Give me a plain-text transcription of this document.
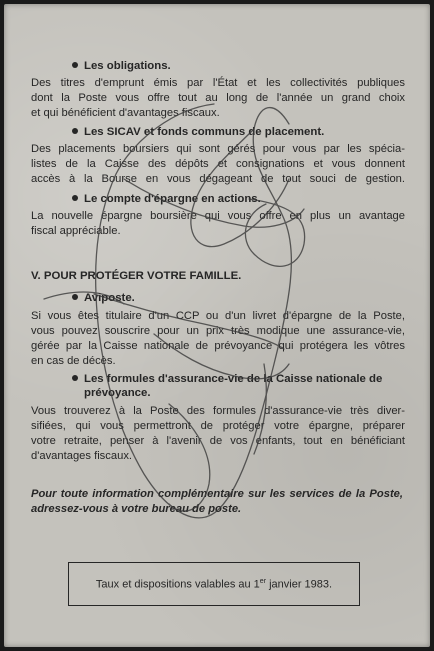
Les obligations.
Des titres d'emprunt émis par l'État et les collectivités publiques
dont la Poste vous offre tout au long de l'année un grand choix
et qui bénéficient d'avantages fiscaux.
Les SICAV et fonds communs de placement.
Des placements boursiers qui sont gérés pour vous par les spécia-
listes de la Caisse des dépôts et consignations et vous donnent
accès à la Bourse en vous dégageant de tout souci de gestion.
Le compte d'épargne en actions.
La nouvelle épargne boursière qui vous offre en plus un avantage
fiscal appréciable.
V. POUR PROTÉGER VOTRE FAMILLE.
Aviposte.
Si vous êtes titulaire d'un CCP ou d'un livret d'épargne de la Poste,
vous pouvez souscrire pour un prix très modique une assurance-vie,
gérée par la Caisse nationale de prévoyance qui protégera les vôtres
en cas de décès.
Les formules d'assurance-vie de la Caisse nationale de
prévoyance.
Vous trouverez à la Poste des formules d'assurance-vie très diver-
sifiées, qui vous permettront de protéger votre épargne, préparer
votre retraite, penser à l'avenir de vos enfants, tout en bénéficiant
d'avantages fiscaux.
Pour toute information complémentaire sur les services de la Poste,
adressez-vous à votre bureau de poste.
Taux et dispositions valables au 1er janvier 1983.
